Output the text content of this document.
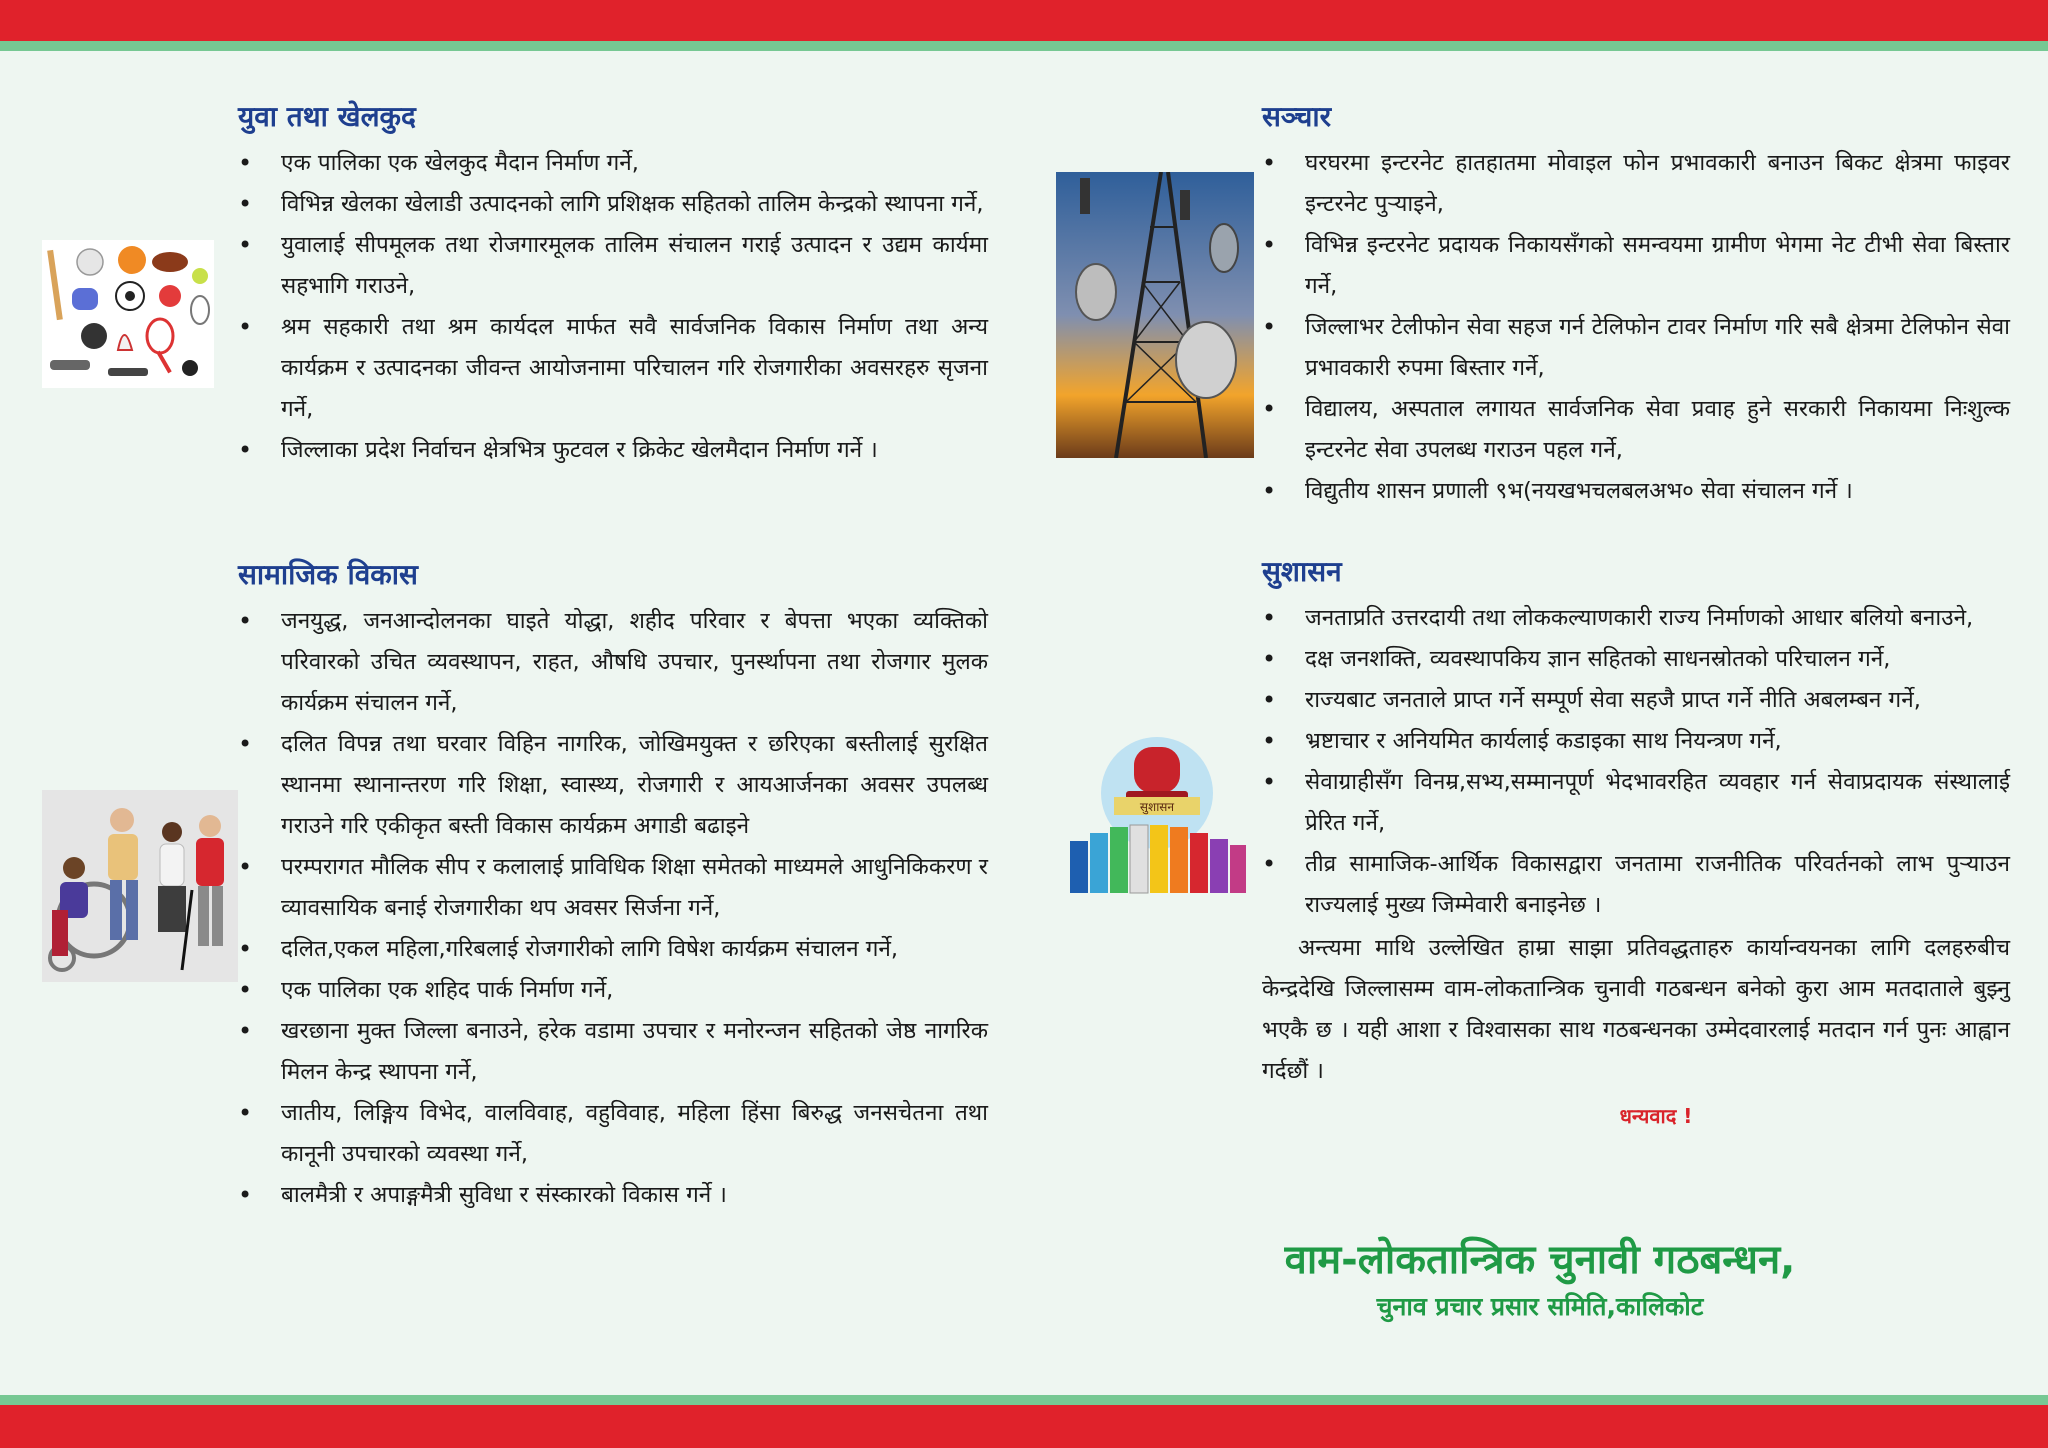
युवा तथा खेलकुद
• एक पालिका एक खेलकुद मैदान निर्माण गर्ने,
• विभिन्न खेलका खेलाडी उत्पादनको लागि प्रशिक्षक सहितको तालिम केन्द्रको स्थापना गर्ने,
• युवालाई सीपमूलक तथा रोजगारमूलक तालिम संचालन गराई उत्पादन र उद्यम कार्यमा सहभागि गराउने,
• श्रम सहकारी तथा श्रम कार्यदल मार्फत सवै सार्वजनिक विकास निर्माण तथा अन्य कार्यक्रम र उत्पादनका जीवन्त आयोजनामा परिचालन गरि रोजगारीका अवसरहरु सृजना गर्ने,
• जिल्लाका प्रदेश निर्वाचन क्षेत्रभित्र फुटवल र क्रिकेट खेलमैदान निर्माण गर्ने ।
सामाजिक विकास
• जनयुद्ध, जनआन्दोलनका घाइते योद्धा, शहीद परिवार र बेपत्ता भएका व्यक्तिको परिवारको उचित व्यवस्थापन, राहत, औषधि उपचार, पुनर्स्थापना तथा रोजगार मुलक कार्यक्रम संचालन गर्ने,
• दलित विपन्न तथा घरवार विहिन नागरिक, जोखिमयुक्त र छरिएका बस्तीलाई सुरक्षित स्थानमा स्थानान्तरण गरि शिक्षा, स्वास्थ्य, रोजगारी र आयआर्जनका अवसर उपलब्ध गराउने गरि एकीकृत बस्ती विकास कार्यक्रम अगाडी बढाइने
• परम्परागत मौलिक सीप र कलालाई प्राविधिक शिक्षा समेतको माध्यमले आधुनिकिकरण र व्यावसायिक बनाई रोजगारीका थप अवसर सिर्जना गर्ने,
• दलित,एकल महिला,गरिबलाई रोजगारीको लागि विषेश कार्यक्रम संचालन गर्ने,
• एक पालिका एक शहिद पार्क निर्माण गर्ने,
• खरछाना मुक्त जिल्ला बनाउने, हरेक वडामा उपचार र मनोरन्जन सहितको जेष्ठ नागरिक मिलन केन्द्र स्थापना गर्ने,
• जातीय, लिङ्गिय विभेद, वालविवाह, वहुविवाह, महिला हिंसा बिरुद्ध जनसचेतना तथा कानूनी उपचारको व्यवस्था गर्ने,
• बालमैत्री र अपाङ्गमैत्री सुविधा र संस्कारको विकास गर्ने ।
सञ्चार
• घरघरमा इन्टरनेट हातहातमा मोवाइल फोन प्रभावकारी बनाउन बिकट क्षेत्रमा फाइवर इन्टरनेट पुऱ्याइने,
• विभिन्न इन्टरनेट प्रदायक निकायसँगको समन्वयमा ग्रामीण भेगमा नेट टीभी सेवा बिस्तार गर्ने,
• जिल्लाभर टेलीफोन सेवा सहज गर्न टेलिफोन टावर निर्माण गरि सबै क्षेत्रमा टेलिफोन सेवा प्रभावकारी रुपमा बिस्तार गर्ने,
• विद्यालय, अस्पताल लगायत सार्वजनिक सेवा प्रवाह हुने सरकारी निकायमा निःशुल्क इन्टरनेट सेवा उपलब्ध गराउन पहल गर्ने,
• विद्युतीय शासन प्रणाली ९भ(नयखभचलबलअभ० सेवा संचालन गर्ने ।
सुशासन
• जनताप्रति उत्तरदायी तथा लोककल्याणकारी राज्य निर्माणको आधार बलियो बनाउने,
• दक्ष जनशक्ति, व्यवस्थापकिय ज्ञान सहितको साधनस्रोतको परिचालन गर्ने,
• राज्यबाट जनताले प्राप्त गर्ने सम्पूर्ण सेवा सहजै प्राप्त गर्ने नीति अबलम्बन गर्ने,
• भ्रष्टाचार र अनियमित कार्यलाई कडाइका साथ नियन्त्रण गर्ने,
• सेवाग्राहीसँग विनम्र,सभ्य,सम्मानपूर्ण भेदभावरहित व्यवहार गर्न सेवाप्रदायक संस्थालाई प्रेरित गर्ने,
• तीव्र सामाजिक-आर्थिक विकासद्वारा जनतामा राजनीतिक परिवर्तनको लाभ पुऱ्याउन राज्यलाई मुख्य जिम्मेवारी बनाइनेछ ।

अन्त्यमा माथि उल्लेखित हाम्रा साझा प्रतिवद्धताहरु कार्यान्वयनका लागि दलहरुबीच केन्द्रदेखि जिल्लासम्म वाम-लोकतान्त्रिक चुनावी गठबन्धन बनेको कुरा आम मतदाताले बुझ्नु भएकै छ । यही आशा र विश्वासका साथ गठबन्धनका उम्मेदवारलाई मतदान गर्न पुनः आह्वान गर्दछौं ।

धन्यवाद !
वाम-लोकतान्त्रिक चुनावी गठबन्धन,
चुनाव प्रचार प्रसार समिति,कालिकोट
सुशासन
